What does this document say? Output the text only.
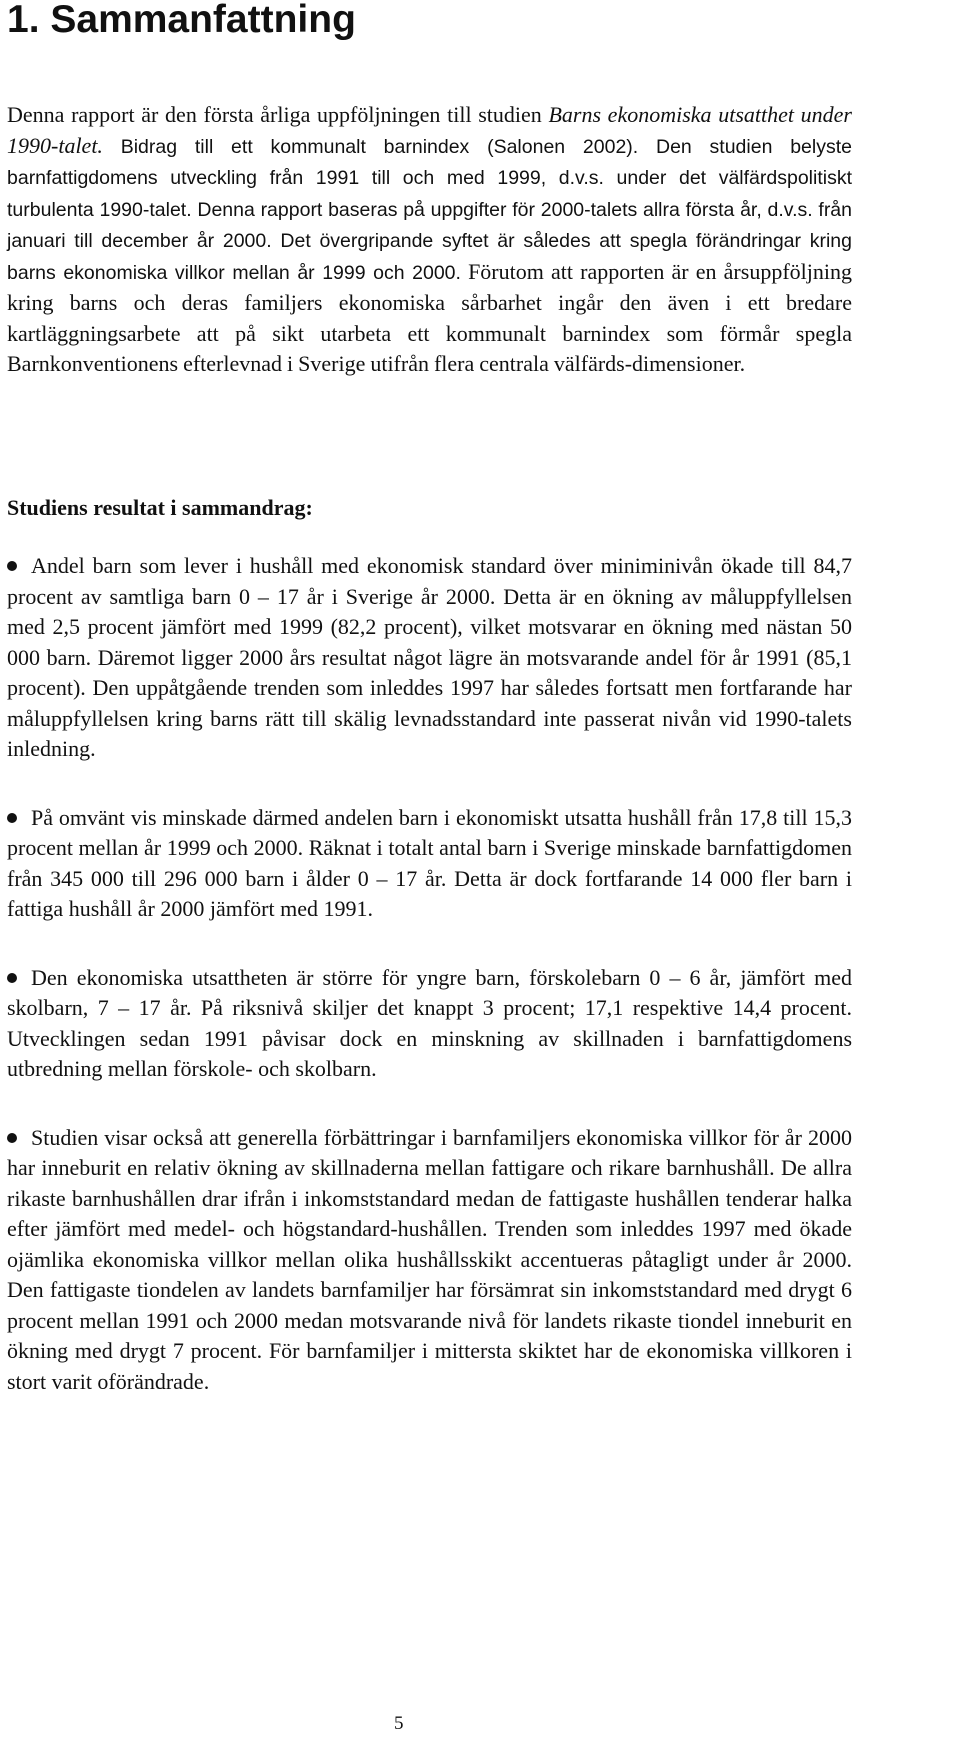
1. Sammanfattning

Denna rapport är den första årliga uppföljningen till studien Barns ekonomiska utsatthet under 1990-talet. Bidrag till ett kommunalt barnindex (Salonen 2002). Den studien belyste barnfattigdomens utveckling från 1991 till och med 1999, d.v.s. under det välfärdspolitiskt turbulenta 1990-talet. Denna rapport baseras på uppgifter för 2000-talets allra första år, d.v.s. från januari till december år 2000. Det övergripande syftet är således att spegla förändringar kring barns ekonomiska villkor mellan år 1999 och 2000. Förutom att rapporten är en årsuppföljning kring barns och deras familjers ekonomiska sårbarhet ingår den även i ett bredare kartläggningsarbete att på sikt utarbeta ett kommunalt barnindex som förmår spegla Barnkonventionens efterlevnad i Sverige utifrån flera centrala välfärds-dimensioner.

Studiens resultat i sammandrag:
Andel barn som lever i hushåll med ekonomisk standard över miniminivån ökade till 84,7 procent av samtliga barn 0 – 17 år i Sverige år 2000. Detta är en ökning av måluppfyllelsen med 2,5 procent jämfört med 1999 (82,2 procent), vilket motsvarar en ökning med nästan 50 000 barn. Däremot ligger 2000 års resultat något lägre än motsvarande andel för år 1991 (85,1 procent). Den uppåtgående trenden som inleddes 1997 har således fortsatt men fortfarande har måluppfyllelsen kring barns rätt till skälig levnadsstandard inte passerat nivån vid 1990-talets inledning.
På omvänt vis minskade därmed andelen barn i ekonomiskt utsatta hushåll från 17,8 till 15,3 procent mellan år 1999 och 2000. Räknat i totalt antal barn i Sverige minskade barnfattigdomen från 345 000 till 296 000 barn i ålder 0 – 17 år. Detta är dock fortfarande 14 000 fler barn i fattiga hushåll år 2000 jämfört med 1991.
Den ekonomiska utsattheten är större för yngre barn, förskolebarn 0 – 6 år, jämfört med skolbarn, 7 – 17 år. På riksnivå skiljer det knappt 3 procent; 17,1 respektive 14,4 procent. Utvecklingen sedan 1991 påvisar dock en minskning av skillnaden i barnfattigdomens utbredning mellan förskole- och skolbarn.
Studien visar också att generella förbättringar i barnfamiljers ekonomiska villkor för år 2000 har inneburit en relativ ökning av skillnaderna mellan fattigare och rikare barnhushåll. De allra rikaste barnhushållen drar ifrån i inkomststandard medan de fattigaste hushållen tenderar halka efter jämfört med medel- och högstandard-hushållen. Trenden som inleddes 1997 med ökade ojämlika ekonomiska villkor mellan olika hushållsskikt accentueras påtagligt under år 2000. Den fattigaste tiondelen av landets barnfamiljer har försämrat sin inkomststandard med drygt 6 procent mellan 1991 och 2000 medan motsvarande nivå för landets rikaste tiondel inneburit en ökning med drygt 7 procent. För barnfamiljer i mittersta skiktet har de ekonomiska villkoren i stort varit oförändrade.
5
